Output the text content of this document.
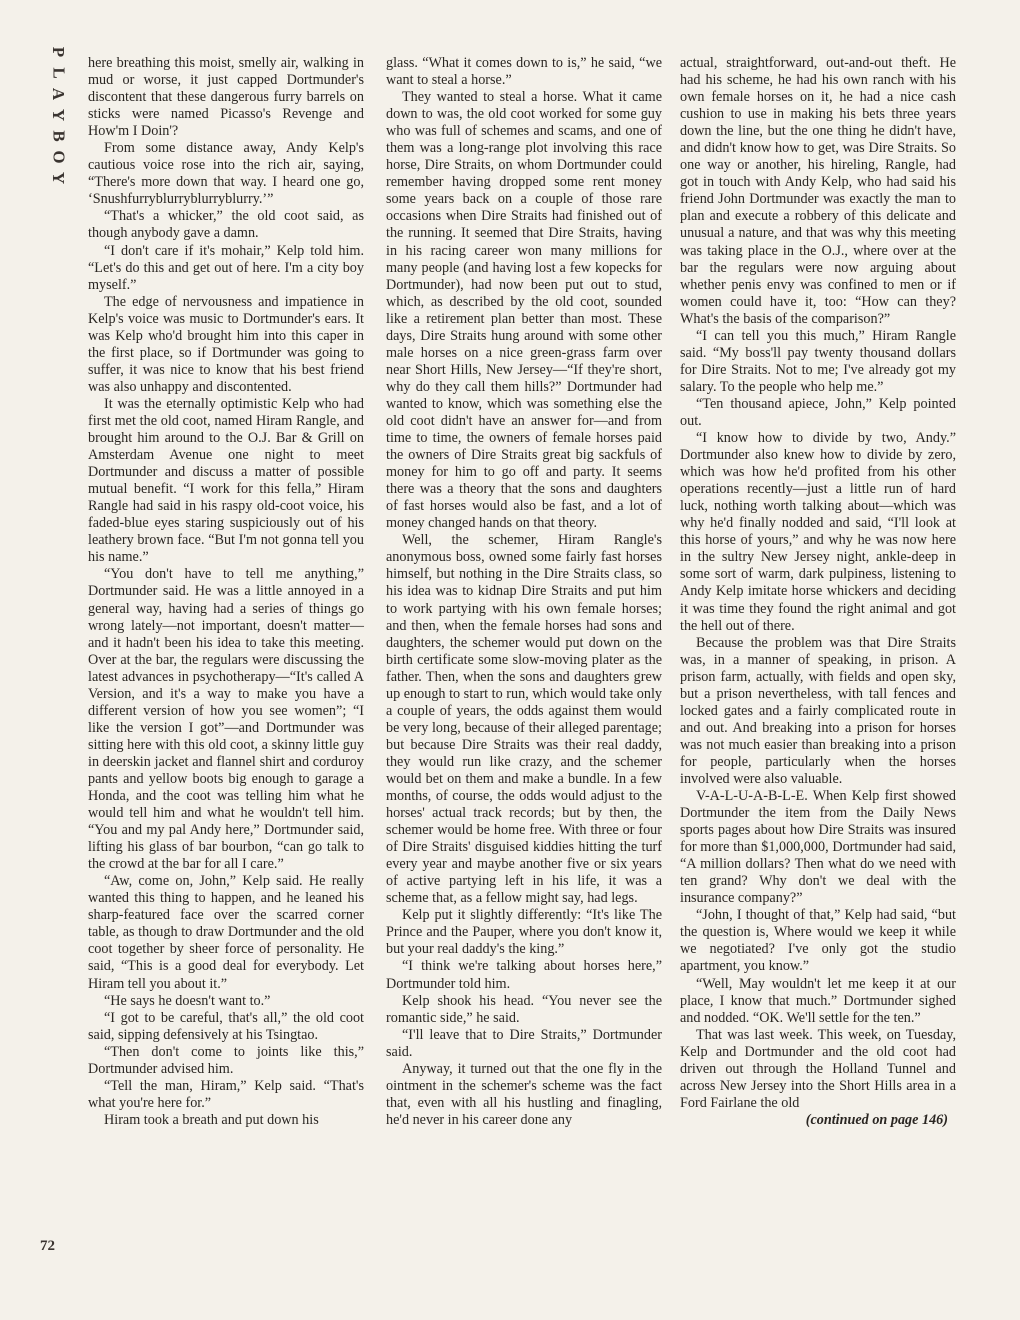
P
L
A
Y
B
O
Y

here breathing this moist, smelly air, walking in mud or worse, it just capped Dortmunder's discontent that these dangerous furry barrels on sticks were named Picasso's Revenge and How'm I Doin'?

From some distance away, Andy Kelp's cautious voice rose into the rich air, saying, “There's more down that way. I heard one go, ‘Snushfurryblurryblurryblurry.’”

“That's a whicker,” the old coot said, as though anybody gave a damn.

“I don't care if it's mohair,” Kelp told him. “Let's do this and get out of here. I'm a city boy myself.”

The edge of nervousness and impatience in Kelp's voice was music to Dortmunder's ears. It was Kelp who'd brought him into this caper in the first place, so if Dortmunder was going to suffer, it was nice to know that his best friend was also unhappy and discontented.

It was the eternally optimistic Kelp who had first met the old coot, named Hiram Rangle, and brought him around to the O.J. Bar & Grill on Amsterdam Avenue one night to meet Dortmunder and discuss a matter of possible mutual benefit. “I work for this fella,” Hiram Rangle had said in his raspy old-coot voice, his faded-blue eyes staring suspiciously out of his leathery brown face. “But I'm not gonna tell you his name.”

“You don't have to tell me anything,” Dortmunder said. He was a little annoyed in a general way, having had a series of things go wrong lately—not important, doesn't matter—and it hadn't been his idea to take this meeting. Over at the bar, the regulars were discussing the latest advances in psychotherapy—“It's called A Version, and it's a way to make you have a different version of how you see women”; “I like the version I got”—and Dortmunder was sitting here with this old coot, a skinny little guy in deerskin jacket and flannel shirt and corduroy pants and yellow boots big enough to garage a Honda, and the coot was telling him what he would tell him and what he wouldn't tell him. “You and my pal Andy here,” Dortmunder said, lifting his glass of bar bourbon, “can go talk to the crowd at the bar for all I care.”

“Aw, come on, John,” Kelp said. He really wanted this thing to happen, and he leaned his sharp-featured face over the scarred corner table, as though to draw Dortmunder and the old coot together by sheer force of personality. He said, “This is a good deal for everybody. Let Hiram tell you about it.”

“He says he doesn't want to.”

“I got to be careful, that's all,” the old coot said, sipping defensively at his Tsingtao.

“Then don't come to joints like this,” Dortmunder advised him.

“Tell the man, Hiram,” Kelp said. “That's what you're here for.”

Hiram took a breath and put down his

glass. “What it comes down to is,” he said, “we want to steal a horse.”

They wanted to steal a horse. What it came down to was, the old coot worked for some guy who was full of schemes and scams, and one of them was a long-range plot involving this race horse, Dire Straits, on whom Dortmunder could remember having dropped some rent money some years back on a couple of those rare occasions when Dire Straits had finished out of the running. It seemed that Dire Straits, having in his racing career won many millions for many people (and having lost a few kopecks for Dortmunder), had now been put out to stud, which, as described by the old coot, sounded like a retirement plan better than most. These days, Dire Straits hung around with some other male horses on a nice green-grass farm over near Short Hills, New Jersey—“If they're short, why do they call them hills?” Dortmunder had wanted to know, which was something else the old coot didn't have an answer for—and from time to time, the owners of female horses paid the owners of Dire Straits great big sackfuls of money for him to go off and party. It seems there was a theory that the sons and daughters of fast horses would also be fast, and a lot of money changed hands on that theory.

Well, the schemer, Hiram Rangle's anonymous boss, owned some fairly fast horses himself, but nothing in the Dire Straits class, so his idea was to kidnap Dire Straits and put him to work partying with his own female horses; and then, when the female horses had sons and daughters, the schemer would put down on the birth certificate some slow-moving plater as the father. Then, when the sons and daughters grew up enough to start to run, which would take only a couple of years, the odds against them would be very long, because of their alleged parentage; but because Dire Straits was their real daddy, they would run like crazy, and the schemer would bet on them and make a bundle. In a few months, of course, the odds would adjust to the horses' actual track records; but by then, the schemer would be home free. With three or four of Dire Straits' disguised kiddies hitting the turf every year and maybe another five or six years of active partying left in his life, it was a scheme that, as a fellow might say, had legs.

Kelp put it slightly differently: “It's like The Prince and the Pauper, where you don't know it, but your real daddy's the king.”

“I think we're talking about horses here,” Dortmunder told him.

Kelp shook his head. “You never see the romantic side,” he said.

“I'll leave that to Dire Straits,” Dortmunder said.

Anyway, it turned out that the one fly in the ointment in the schemer's scheme was the fact that, even with all his hustling and finagling, he'd never in his career done any

actual, straightforward, out-and-out theft. He had his scheme, he had his own ranch with his own female horses on it, he had a nice cash cushion to use in making his bets three years down the line, but the one thing he didn't have, and didn't know how to get, was Dire Straits. So one way or another, his hireling, Rangle, had got in touch with Andy Kelp, who had said his friend John Dortmunder was exactly the man to plan and execute a robbery of this delicate and unusual a nature, and that was why this meeting was taking place in the O.J., where over at the bar the regulars were now arguing about whether penis envy was confined to men or if women could have it, too: “How can they? What's the basis of the comparison?”

“I can tell you this much,” Hiram Rangle said. “My boss'll pay twenty thousand dollars for Dire Straits. Not to me; I've already got my salary. To the people who help me.”

“Ten thousand apiece, John,” Kelp pointed out.

“I know how to divide by two, Andy.” Dortmunder also knew how to divide by zero, which was how he'd profited from his other operations recently—just a little run of hard luck, nothing worth talking about—which was why he'd finally nodded and said, “I'll look at this horse of yours,” and why he was now here in the sultry New Jersey night, ankle-deep in some sort of warm, dark pulpiness, listening to Andy Kelp imitate horse whickers and deciding it was time they found the right animal and got the hell out of there.

Because the problem was that Dire Straits was, in a manner of speaking, in prison. A prison farm, actually, with fields and open sky, but a prison nevertheless, with tall fences and locked gates and a fairly complicated route in and out. And breaking into a prison for horses was not much easier than breaking into a prison for people, particularly when the horses involved were also valuable.

V-A-L-U-A-B-L-E. When Kelp first showed Dortmunder the item from the Daily News sports pages about how Dire Straits was insured for more than $1,000,000, Dortmunder had said, “A million dollars? Then what do we need with ten grand? Why don't we deal with the insurance company?”

“John, I thought of that,” Kelp had said, “but the question is, Where would we keep it while we negotiated? I've only got the studio apartment, you know.”

“Well, May wouldn't let me keep it at our place, I know that much.” Dortmunder sighed and nodded. “OK. We'll settle for the ten.”

That was last week. This week, on Tuesday, Kelp and Dortmunder and the old coot had driven out through the Holland Tunnel and across New Jersey into the Short Hills area in a Ford Fairlane the old

(continued on page 146)

72
